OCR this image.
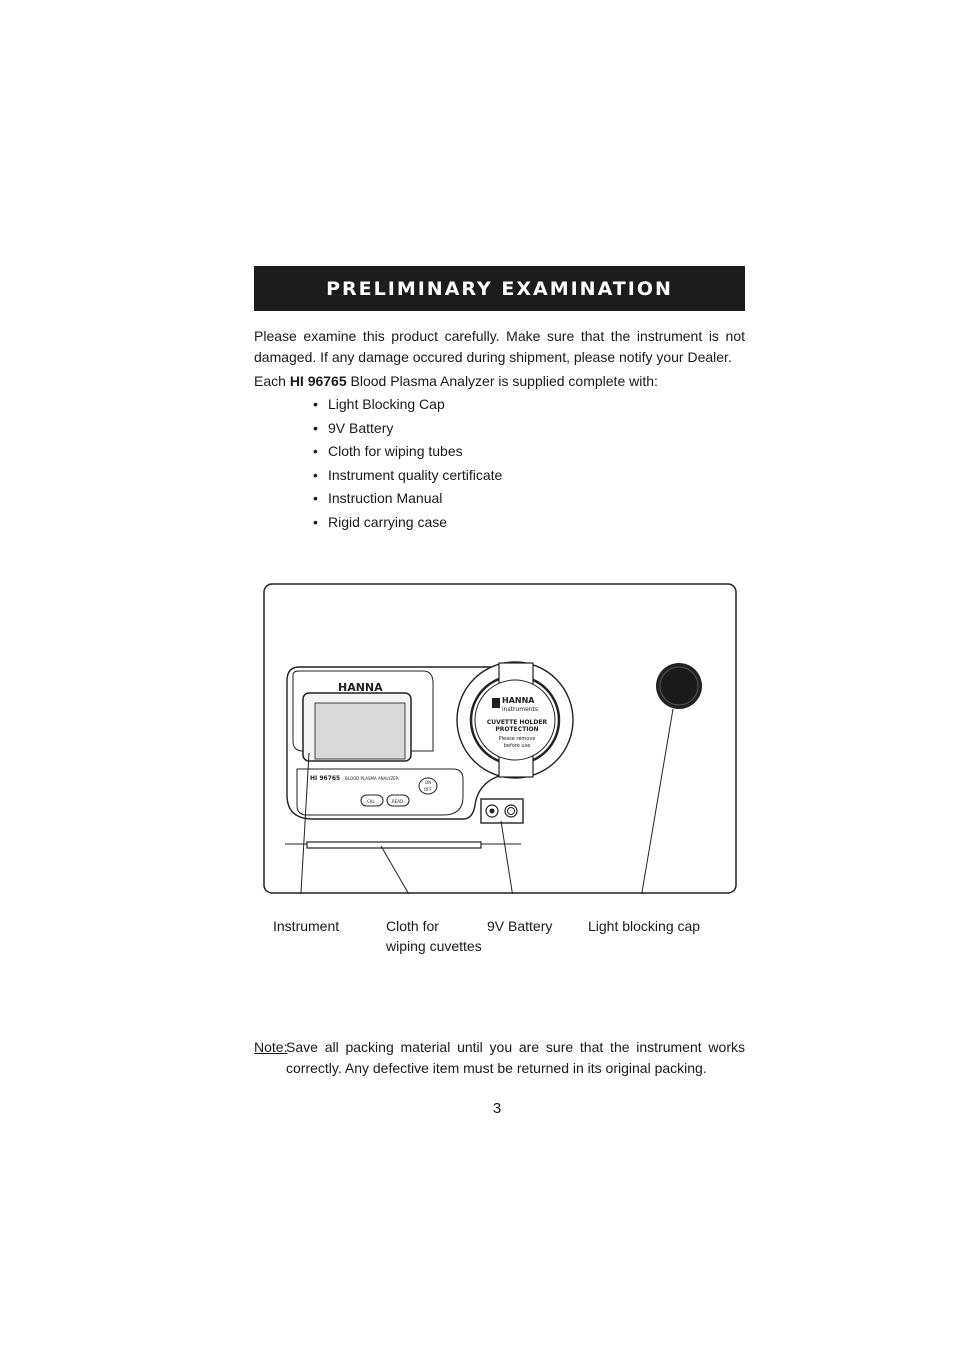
PRELIMINARY EXAMINATION
Please examine this product carefully. Make sure that the instrument is not damaged. If any damage occured during shipment, please notify your Dealer.
Each HI 96765 Blood Plasma Analyzer is supplied complete with:
• Light Blocking Cap
• 9V Battery
• Cloth for wiping tubes
• Instrument quality certificate
• Instruction Manual
• Rigid carrying case
HANNA
HI 96765 BLOOD PLASMA ANALYZER
ON
OFF
CAL	READ
HANNA
instruments
CUVETTE HOLDER
PROTECTION
Please remove
before use
Instrument	Cloth for
wiping cuvettes
9V Battery	Light blocking cap
Note:
Save all packing material until you are sure that the instrument works correctly. Any defective item must be returned in its original packing.
3
